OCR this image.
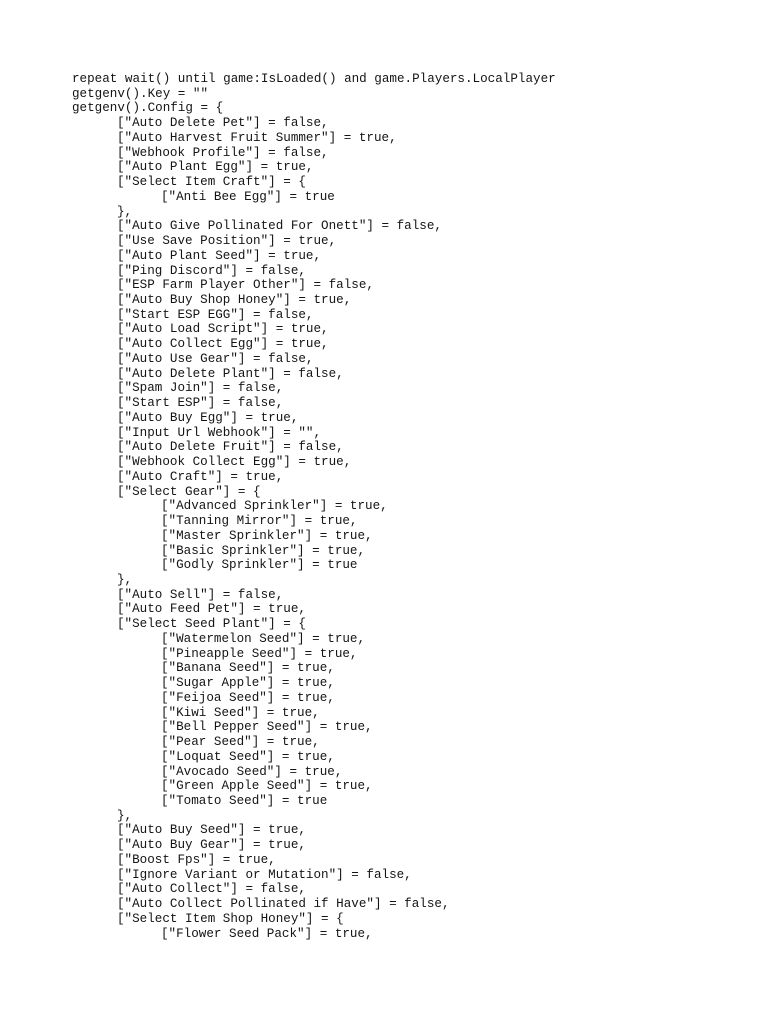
repeat wait() until game:IsLoaded() and game.Players.LocalPlayer
getgenv().Key = ""
getgenv().Config = {
["Auto Delete Pet"] = false,
["Auto Harvest Fruit Summer"] = true,
["Webhook Profile"] = false,
["Auto Plant Egg"] = true,
["Select Item Craft"] = {
["Anti Bee Egg"] = true
},
["Auto Give Pollinated For Onett"] = false,
["Use Save Position"] = true,
["Auto Plant Seed"] = true,
["Ping Discord"] = false,
["ESP Farm Player Other"] = false,
["Auto Buy Shop Honey"] = true,
["Start ESP EGG"] = false,
["Auto Load Script"] = true,
["Auto Collect Egg"] = true,
["Auto Use Gear"] = false,
["Auto Delete Plant"] = false,
["Spam Join"] = false,
["Start ESP"] = false,
["Auto Buy Egg"] = true,
["Input Url Webhook"] = "",
["Auto Delete Fruit"] = false,
["Webhook Collect Egg"] = true,
["Auto Craft"] = true,
["Select Gear"] = {
["Advanced Sprinkler"] = true,
["Tanning Mirror"] = true,
["Master Sprinkler"] = true,
["Basic Sprinkler"] = true,
["Godly Sprinkler"] = true
},
["Auto Sell"] = false,
["Auto Feed Pet"] = true,
["Select Seed Plant"] = {
["Watermelon Seed"] = true,
["Pineapple Seed"] = true,
["Banana Seed"] = true,
["Sugar Apple"] = true,
["Feijoa Seed"] = true,
["Kiwi Seed"] = true,
["Bell Pepper Seed"] = true,
["Pear Seed"] = true,
["Loquat Seed"] = true,
["Avocado Seed"] = true,
["Green Apple Seed"] = true,
["Tomato Seed"] = true
},
["Auto Buy Seed"] = true,
["Auto Buy Gear"] = true,
["Boost Fps"] = true,
["Ignore Variant or Mutation"] = false,
["Auto Collect"] = false,
["Auto Collect Pollinated if Have"] = false,
["Select Item Shop Honey"] = {
["Flower Seed Pack"] = true,
